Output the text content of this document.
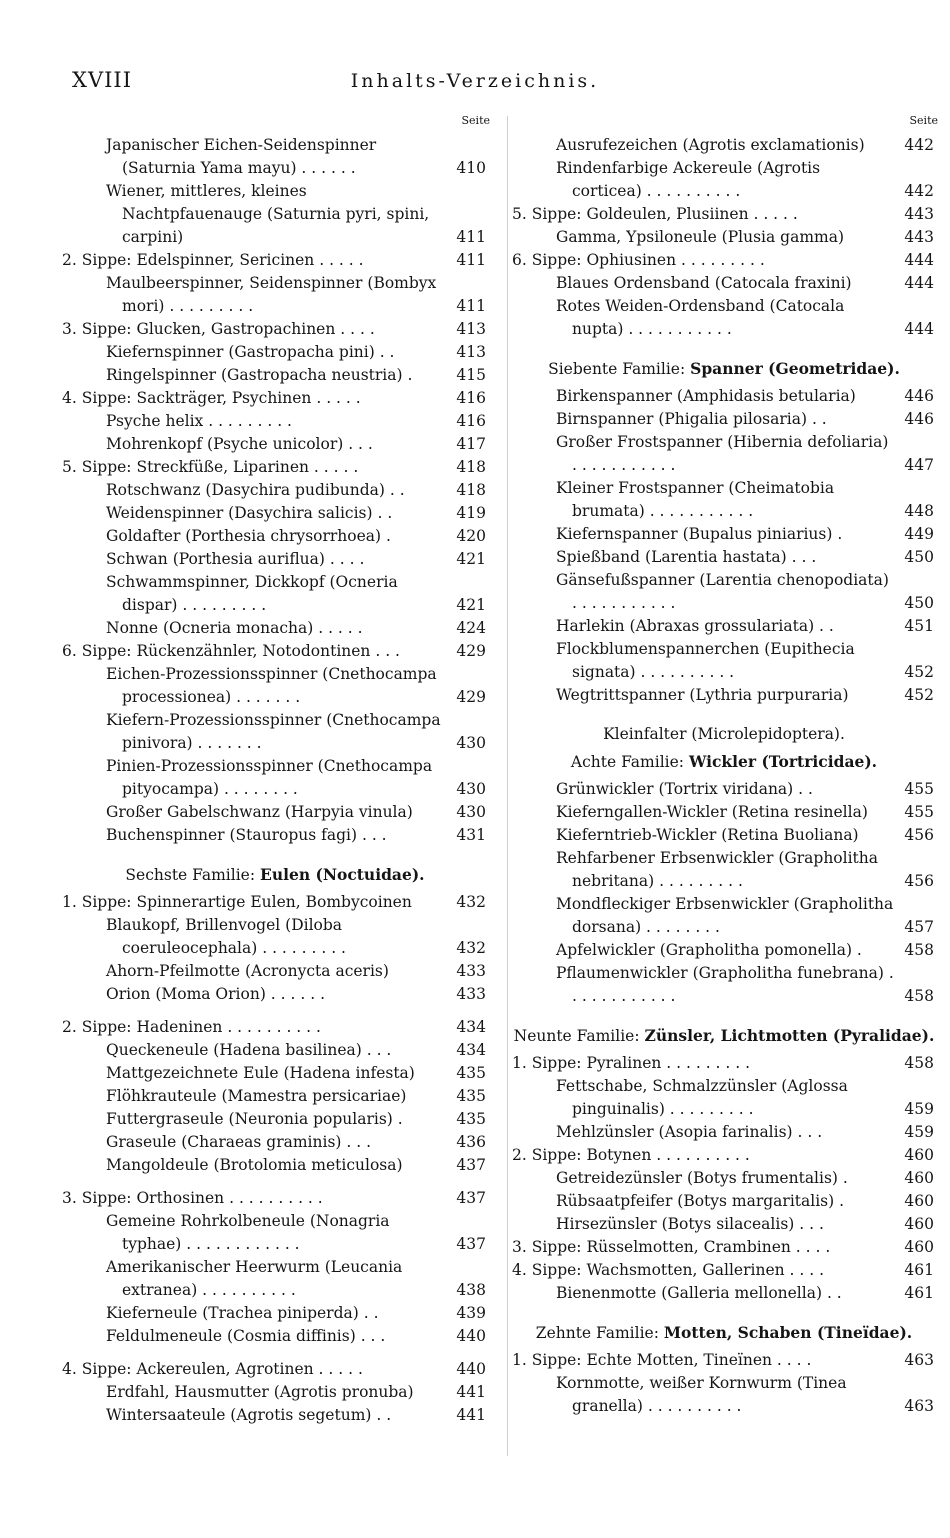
XVIII	Inhalts-Verzeichnis.
Seite
Japanischer Eichen-Seidenspinner (Saturnia Yama mayu) . . . . . .	410
Wiener, mittleres, kleines Nachtpfauenauge (Saturnia pyri, spini, carpini)	411
2. Sippe: Edelspinner, Sericinen . . . . .	411
Maulbeerspinner, Seidenspinner (Bombyx mori) . . . . . . . . .	411
3. Sippe: Glucken, Gastropachinen . . . .	413
Kiefernspinner (Gastropacha pini) . .	413
Ringelspinner (Gastropacha neustria) .	415
4. Sippe: Sackträger, Psychinen . . . . .	416
Psyche helix . . . . . . . . .	416
Mohrenkopf (Psyche unicolor) . . .	417
5. Sippe: Streckfüße, Liparinen . . . . .	418
Rotschwanz (Dasychira pudibunda) . .	418
Weidenspinner (Dasychira salicis) . .	419
Goldafter (Porthesia chrysorrhoea) .	420
Schwan (Porthesia auriflua) . . . .	421
Schwammspinner, Dickkopf (Ocneria dispar) . . . . . . . . .	421
Nonne (Ocneria monacha) . . . . .	424
6. Sippe: Rückenzähnler, Notodontinen . . .	429
Eichen-Prozessionsspinner (Cnethocampa processionea) . . . . . . .	429
Kiefern-Prozessionsspinner (Cnethocampa pinivora) . . . . . . .	430
Pinien-Prozessionsspinner (Cnethocampa pityocampa) . . . . . . . .	430
Großer Gabelschwanz (Harpyia vinula)	430
Buchenspinner (Stauropus fagi) . . .	431
Sechste Familie: Eulen (Noctuidae).
1. Sippe: Spinnerartige Eulen, Bombycoinen	432
Blaukopf, Brillenvogel (Diloba coeruleocephala) . . . . . . . . .	432
Ahorn-Pfeilmotte (Acronycta aceris)	433
Orion (Moma Orion) . . . . . .	433
2. Sippe: Hadeninen . . . . . . . . . .	434
Queckeneule (Hadena basilinea) . . .	434
Mattgezeichnete Eule (Hadena infesta)	435
Flöhkrauteule (Mamestra persicariae)	435
Futtergraseule (Neuronia popularis) .	435
Graseule (Charaeas graminis) . . .	436
Mangoldeule (Brotolomia meticulosa)	437
3. Sippe: Orthosinen . . . . . . . . . .	437
Gemeine Rohrkolbeneule (Nonagria typhae) . . . . . . . . . . . .	437
Amerikanischer Heerwurm (Leucania extranea) . . . . . . . . . .	438
Kieferneule (Trachea piniperda) . .	439
Feldulmeneule (Cosmia diffinis) . . .	440
4. Sippe: Ackereulen, Agrotinen . . . . .	440
Erdfahl, Hausmutter (Agrotis pronuba)	441
Wintersaateule (Agrotis segetum) . .	441
Seite
Ausrufezeichen (Agrotis exclamationis)	442
Rindenfarbige Ackereule (Agrotis corticea) . . . . . . . . . .	442
5. Sippe: Goldeulen, Plusiinen . . . . .	443
Gamma, Ypsiloneule (Plusia gamma)	443
6. Sippe: Ophiusinen . . . . . . . . .	444
Blaues Ordensband (Catocala fraxini)	444
Rotes Weiden-Ordensband (Catocala nupta) . . . . . . . . . . .	444
Siebente Familie: Spanner (Geometridae).
Birkenspanner (Amphidasis betularia)	446
Birnspanner (Phigalia pilosaria) . .	446
Großer Frostspanner (Hibernia defoliaria) . . . . . . . . . . .	447
Kleiner Frostspanner (Cheimatobia brumata) . . . . . . . . . . .	448
Kiefernspanner (Bupalus piniarius) .	449
Spießband (Larentia hastata) . . .	450
Gänsefußspanner (Larentia chenopodiata) . . . . . . . . . . .	450
Harlekin (Abraxas grossulariata) . .	451
Flockblumenspannerchen (Eupithecia signata) . . . . . . . . . .	452
Wegtrittspanner (Lythria purpuraria)	452
Kleinfalter (Microlepidoptera).
Achte Familie: Wickler (Tortricidae).
Grünwickler (Tortrix viridana) . .	455
Kieferngallen-Wickler (Retina resinella) 455
Kieferntrieb-Wickler (Retina Buoliana)	456
Rehfarbener Erbsenwickler (Grapholitha nebritana) . . . . . . . . .	456
Mondfleckiger Erbsenwickler (Grapholitha dorsana) . . . . . . . .	457
Apfelwickler (Grapholitha pomonella) .	458
Pflaumenwickler (Grapholitha funebrana) . . . . . . . . . . . .	458
Neunte Familie: Zünsler, Lichtmotten (Pyralidae).
1. Sippe: Pyralinen . . . . . . . . .	458
Fettschabe, Schmalzzünsler (Aglossa pinguinalis) . . . . . . . . .	459
Mehlzünsler (Asopia farinalis) . . .	459
2. Sippe: Botynen . . . . . . . . . .	460
Getreidezünsler (Botys frumentalis) .	460
Rübsaatpfeifer (Botys margaritalis) .	460
Hirsezünsler (Botys silacealis) . . .	460
3. Sippe: Rüsselmotten, Crambinen . . . .	460
4. Sippe: Wachsmotten, Gallerinen . . . .	461
Bienenmotte (Galleria mellonella) . .	461
Zehnte Familie: Motten, Schaben (Tineïdae).
1. Sippe: Echte Motten, Tineïnen . . . .	463
Kornmotte, weißer Kornwurm (Tinea granella) . . . . . . . . . .	463
